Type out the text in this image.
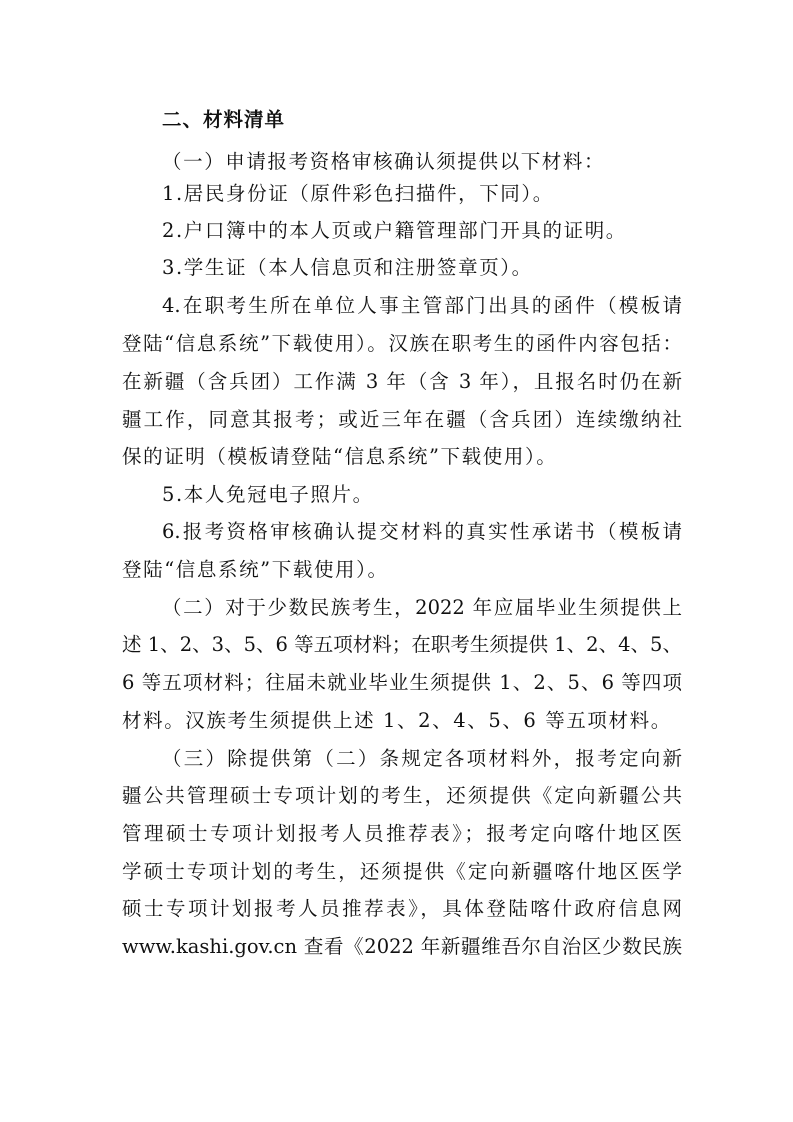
二、材料清单
（一）申请报考资格审核确认须提供以下材料：
1.居民身份证（原件彩色扫描件，下同）。
2.户口簿中的本人页或户籍管理部门开具的证明。
3.学生证（本人信息页和注册签章页）。
4.在职考生所在单位人事主管部门出具的函件（模板请
登陆“信息系统”下载使用）。汉族在职考生的函件内容包括：
在新疆（含兵团）工作满 3 年（含 3 年），且报名时仍在新
疆工作，同意其报考；或近三年在疆（含兵团）连续缴纳社
保的证明（模板请登陆“信息系统”下载使用）。
5.本人免冠电子照片。
6.报考资格审核确认提交材料的真实性承诺书（模板请
登陆“信息系统”下载使用）。
（二）对于少数民族考生，2022 年应届毕业生须提供上
述 1、2、3、5、6 等五项材料；在职考生须提供 1、2、4、5、
6 等五项材料；往届未就业毕业生须提供 1、2、5、6 等四项
材料。汉族考生须提供上述 1、2、4、5、6 等五项材料。
（三）除提供第（二）条规定各项材料外，报考定向新
疆公共管理硕士专项计划的考生，还须提供《定向新疆公共
管理硕士专项计划报考人员推荐表》；报考定向喀什地区医
学硕士专项计划的考生，还须提供《定向新疆喀什地区医学
硕士专项计划报考人员推荐表》，具体登陆喀什政府信息网
www.kashi.gov.cn 查看《2022 年新疆维吾尔自治区少数民族
